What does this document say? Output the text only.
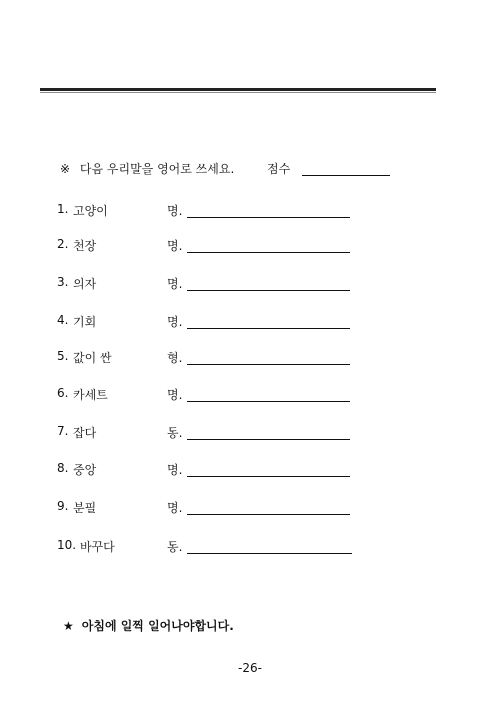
※ 다음 우리말을 영어로 쓰세요.	점수
1. 고양이	명.
2. 천장	명.
3. 의자	명.
4. 기회	명.
5. 값이 싼	형.
6. 카세트	명.
7. 잡다	동.
8. 중앙	명.
9. 분필	명.
10. 바꾸다	동.
★ 아침에 일찍 일어나야합니다.
-26-
